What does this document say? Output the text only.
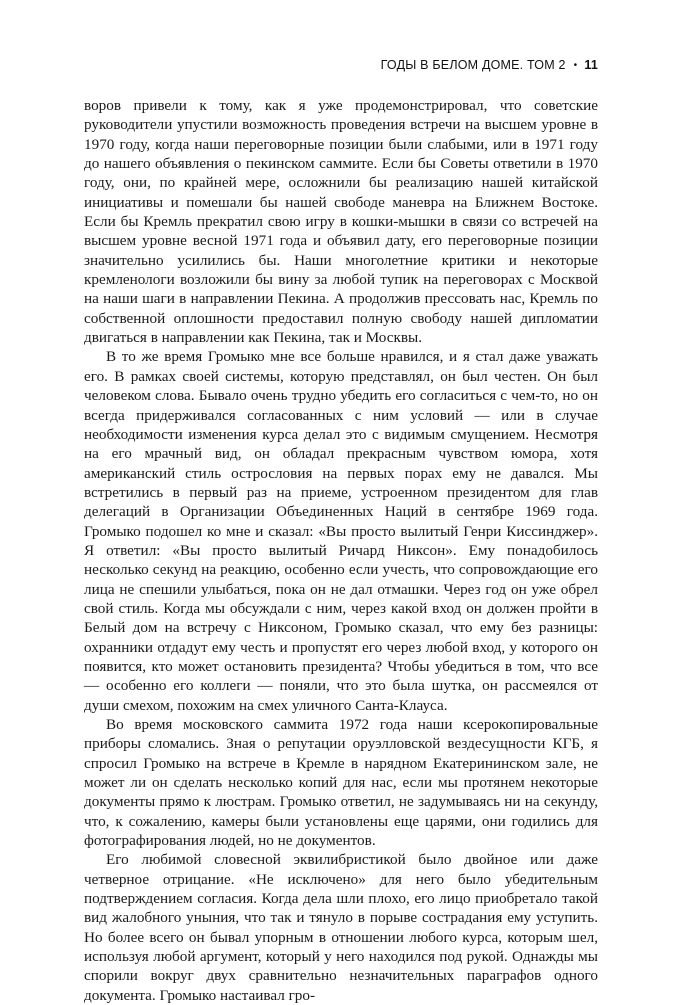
ГОДЫ В БЕЛОМ ДОМЕ. ТОМ 2 • 11

воров привели к тому, как я уже продемонстрировал, что советские руководители упустили возможность проведения встречи на высшем уровне в 1970 году, когда наши переговорные позиции были слабыми, или в 1971 году до нашего объявления о пекинском саммите. Если бы Советы ответили в 1970 году, они, по крайней мере, осложнили бы реализацию нашей китайской инициативы и помешали бы нашей свободе маневра на Ближнем Востоке. Если бы Кремль прекратил свою игру в кошки-мышки в связи со встречей на высшем уровне весной 1971 года и объявил дату, его переговорные позиции значительно усилились бы. Наши многолетние критики и некоторые кремленологи возложили бы вину за любой тупик на переговорах с Москвой на наши шаги в направлении Пекина. А продолжив прессовать нас, Кремль по собственной оплошности предоставил полную свободу нашей дипломатии двигаться в направлении как Пекина, так и Москвы.

В то же время Громыко мне все больше нравился, и я стал даже уважать его. В рамках своей системы, которую представлял, он был честен. Он был человеком слова. Бывало очень трудно убедить его согласиться с чем-то, но он всегда придерживался согласованных с ним условий — или в случае необходимости изменения курса делал это с видимым смущением. Несмотря на его мрачный вид, он обладал прекрасным чувством юмора, хотя американский стиль острословия на первых порах ему не давался. Мы встретились в первый раз на приеме, устроенном президентом для глав делегаций в Организации Объединенных Наций в сентябре 1969 года. Громыко подошел ко мне и сказал: «Вы просто вылитый Генри Киссинджер». Я ответил: «Вы просто вылитый Ричард Никсон». Ему понадобилось несколько секунд на реакцию, особенно если учесть, что сопровождающие его лица не спешили улыбаться, пока он не дал отмашки. Через год он уже обрел свой стиль. Когда мы обсуждали с ним, через какой вход он должен пройти в Белый дом на встречу с Никсоном, Громыко сказал, что ему без разницы: охранники отдадут ему честь и пропустят его через любой вход, у которого он появится, кто может остановить президента? Чтобы убедиться в том, что все — особенно его коллеги — поняли, что это была шутка, он рассмеялся от души смехом, похожим на смех уличного Санта-Клауса.

Во время московского саммита 1972 года наши ксерокопировальные приборы сломались. Зная о репутации оруэлловской вездесущности КГБ, я спросил Громыко на встрече в Кремле в нарядном Екатерининском зале, не может ли он сделать несколько копий для нас, если мы протянем некоторые документы прямо к люстрам. Громыко ответил, не задумываясь ни на секунду, что, к сожалению, камеры были установлены еще царями, они годились для фотографирования людей, но не документов.

Его любимой словесной эквилибристикой было двойное или даже четверное отрицание. «Не исключено» для него было убедительным подтверждением согласия. Когда дела шли плохо, его лицо приобретало такой вид жалобного уныния, что так и тянуло в порыве сострадания ему уступить. Но более всего он бывал упорным в отношении любого курса, которым шел, используя любой аргумент, который у него находился под рукой. Однажды мы спорили вокруг двух сравнительно незначительных параграфов одного документа. Громыко настаивал гро-
